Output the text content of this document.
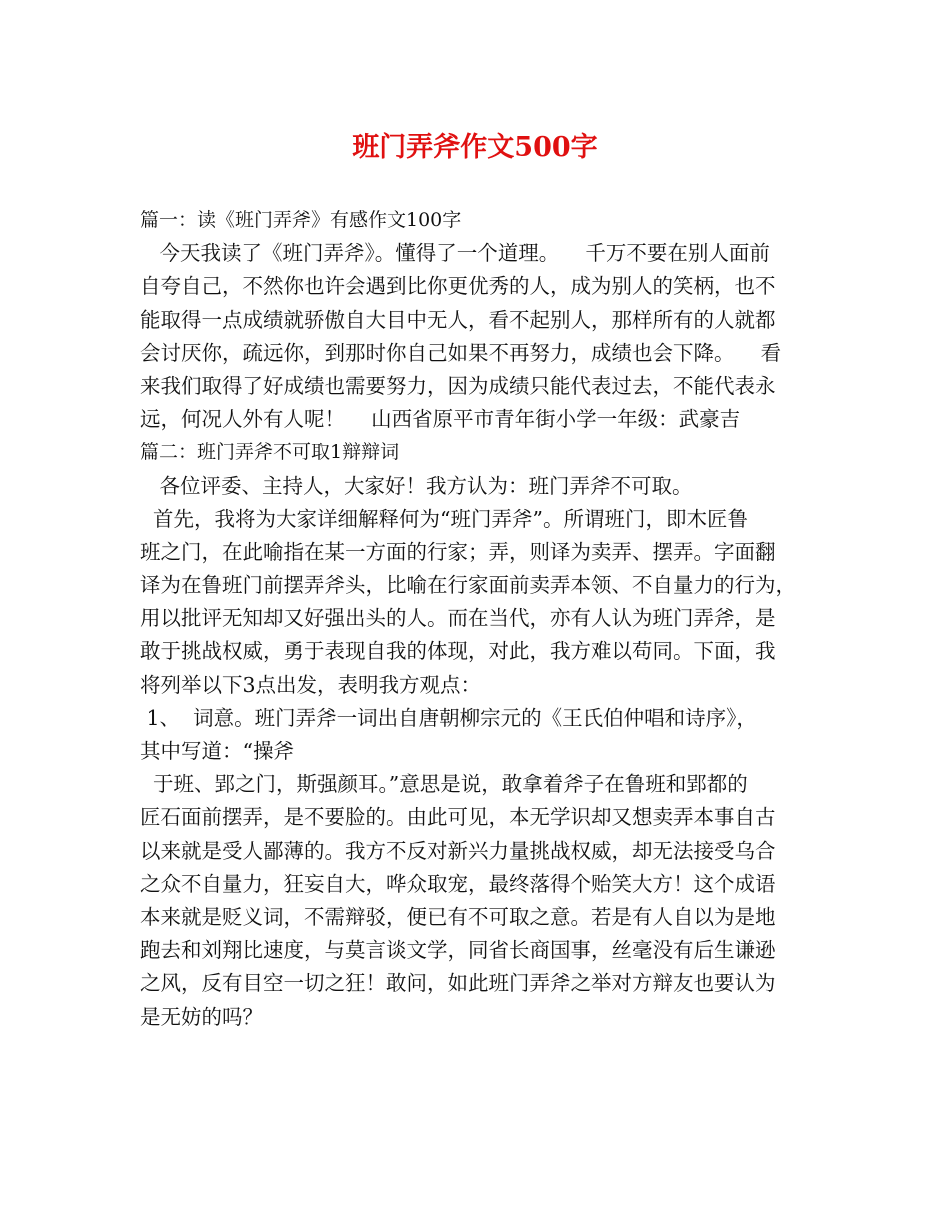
班门弄斧作文500字
篇一：读《班门弄斧》有感作文100字
今天我读了《班门弄斧》。懂得了一个道理。    千万不要在别人面前
自夸自己，不然你也许会遇到比你更优秀的人，成为别人的笑柄，也不
能取得一点成绩就骄傲自大目中无人，看不起别人，那样所有的人就都
会讨厌你，疏远你，到那时你自己如果不再努力，成绩也会下降。    看
来我们取得了好成绩也需要努力，因为成绩只能代表过去，不能代表永
远，何况人外有人呢！    山西省原平市青年街小学一年级：武豪吉
篇二：班门弄斧不可取1辩辩词
各位评委、主持人，大家好！我方认为：班门弄斧不可取。
首先，我将为大家详细解释何为“班门弄斧”。所谓班门，即木匠鲁
班之门，在此喻指在某一方面的行家；弄，则译为卖弄、摆弄。字面翻
译为在鲁班门前摆弄斧头，比喻在行家面前卖弄本领、不自量力的行为，
用以批评无知却又好强出头的人。而在当代，亦有人认为班门弄斧，是
敢于挑战权威，勇于表现自我的体现，对此，我方难以苟同。下面，我
将列举以下3点出发，表明我方观点：
1、  词意。班门弄斧一词出自唐朝柳宗元的《王氏伯仲唱和诗序》，
其中写道：“操斧
于班、郢之门，斯强颜耳。”意思是说，敢拿着斧子在鲁班和郢都的
匠石面前摆弄，是不要脸的。由此可见，本无学识却又想卖弄本事自古
以来就是受人鄙薄的。我方不反对新兴力量挑战权威，却无法接受乌合
之众不自量力，狂妄自大，哗众取宠，最终落得个贻笑大方！这个成语
本来就是贬义词，不需辩驳，便已有不可取之意。若是有人自以为是地
跑去和刘翔比速度，与莫言谈文学，同省长商国事，丝毫没有后生谦逊
之风，反有目空一切之狂！敢问，如此班门弄斧之举对方辩友也要认为
是无妨的吗？
